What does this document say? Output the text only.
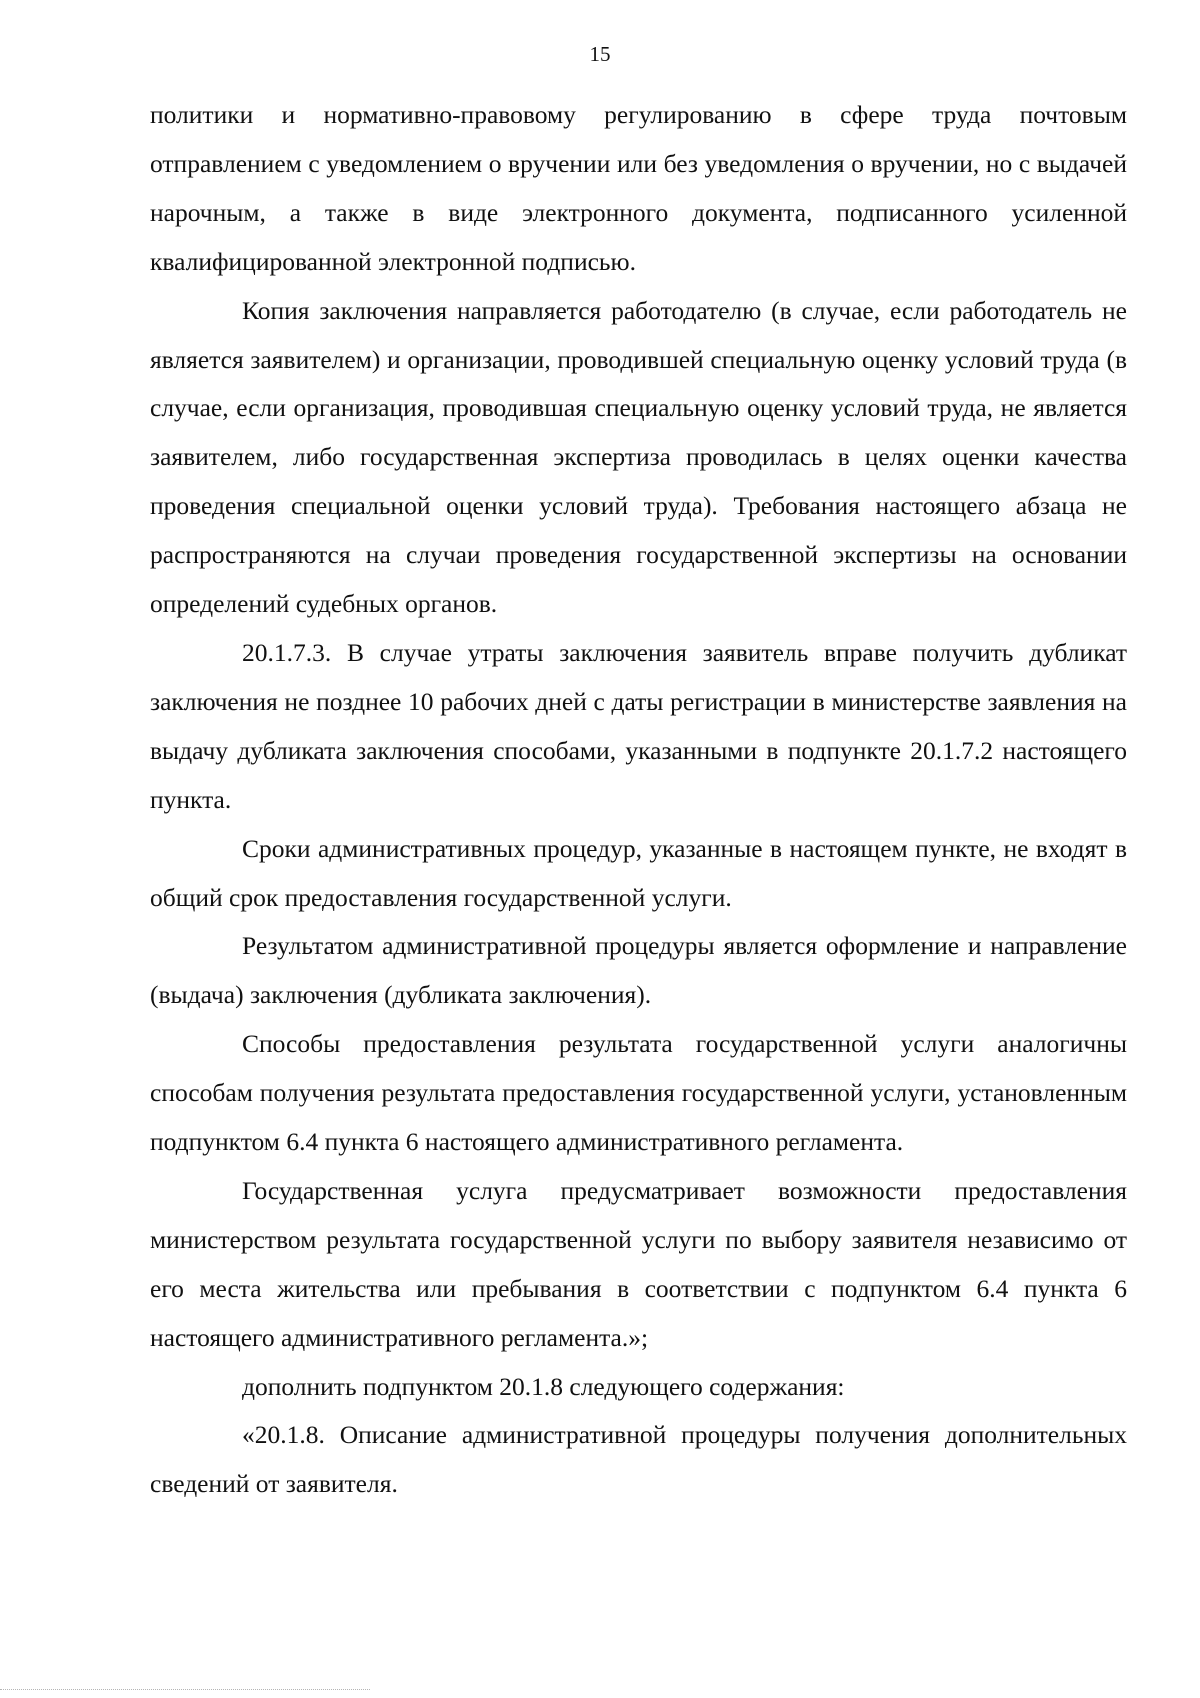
15

политики и нормативно-правовому регулированию в сфере труда почтовым отправлением с уведомлением о вручении или без уведомления о вручении, но с выдачей нарочным, а также в виде электронного документа, подписанного усиленной квалифицированной электронной подписью.

Копия заключения направляется работодателю (в случае, если работодатель не является заявителем) и организации, проводившей специальную оценку условий труда (в случае, если организация, проводившая специальную оценку условий труда, не является заявителем, либо государственная экспертиза проводилась в целях оценки качества проведения специальной оценки условий труда). Требования настоящего абзаца не распространяются на случаи проведения государственной экспертизы на основании определений судебных органов.

20.1.7.3. В случае утраты заключения заявитель вправе получить дубликат заключения не позднее 10 рабочих дней с даты регистрации в министерстве заявления на выдачу дубликата заключения способами, указанными в подпункте 20.1.7.2 настоящего пункта.

Сроки административных процедур, указанные в настоящем пункте, не входят в общий срок предоставления государственной услуги.

Результатом административной процедуры является оформление и направление (выдача) заключения (дубликата заключения).

Способы предоставления результата государственной услуги аналогичны способам получения результата предоставления государственной услуги, установленным подпунктом 6.4 пункта 6 настоящего административного регламента.

Государственная услуга предусматривает возможности предоставления министерством результата государственной услуги по выбору заявителя независимо от его места жительства или пребывания в соответствии с подпунктом 6.4 пункта 6 настоящего административного регламента.»;

дополнить подпунктом 20.1.8 следующего содержания:

«20.1.8. Описание административной процедуры получения дополнительных сведений от заявителя.
